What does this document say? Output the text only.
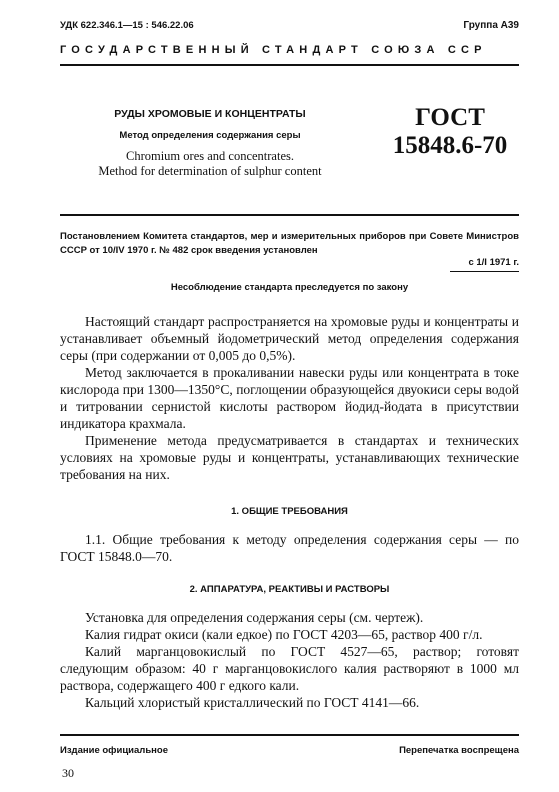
УДК 622.346.1—15 : 546.22.06	Группа А39
ГОСУДАРСТВЕННЫЙ СТАНДАРТ СОЮЗА ССР
РУДЫ ХРОМОВЫЕ И КОНЦЕНТРАТЫ
Метод определения содержания серы
Chromium ores and concentrates.
Method for determination of sulphur content
ГОСТ
15848.6-70
Постановлением Комитета стандартов, мер и измерительных приборов при Совете Министров СССР от 10/IV 1970 г. № 482 срок введения установлен
с 1/I 1971 г.
Несоблюдение стандарта преследуется по закону

Настоящий стандарт распространяется на хромовые руды и концентраты и устанавливает объемный йодометрический метод определения содержания серы (при содержании от 0,005 до 0,5%).

Метод заключается в прокаливании навески руды или концентрата в токе кислорода при 1300—1350°С, поглощении образующейся двуокиси серы водой и титровании сернистой кислоты раствором йодид-йодата в присутствии индикатора крахмала.

Применение метода предусматривается в стандартах и технических условиях на хромовые руды и концентраты, устанавливающих технические требования на них.

1. ОБЩИЕ ТРЕБОВАНИЯ

1.1. Общие требования к методу определения содержания серы — по ГОСТ 15848.0—70.

2. АППАРАТУРА, РЕАКТИВЫ И РАСТВОРЫ

Установка для определения содержания серы (см. чертеж).

Калия гидрат окиси (кали едкое) по ГОСТ 4203—65, раствор 400 г/л.

Калий марганцовокислый по ГОСТ 4527—65, раствор; готовят следующим образом: 40 г марганцовокислого калия растворяют в 1000 мл раствора, содержащего 400 г едкого кали.

Кальций хлористый кристаллический по ГОСТ 4141—66.

Издание официальное	Перепечатка воспрещена
30
